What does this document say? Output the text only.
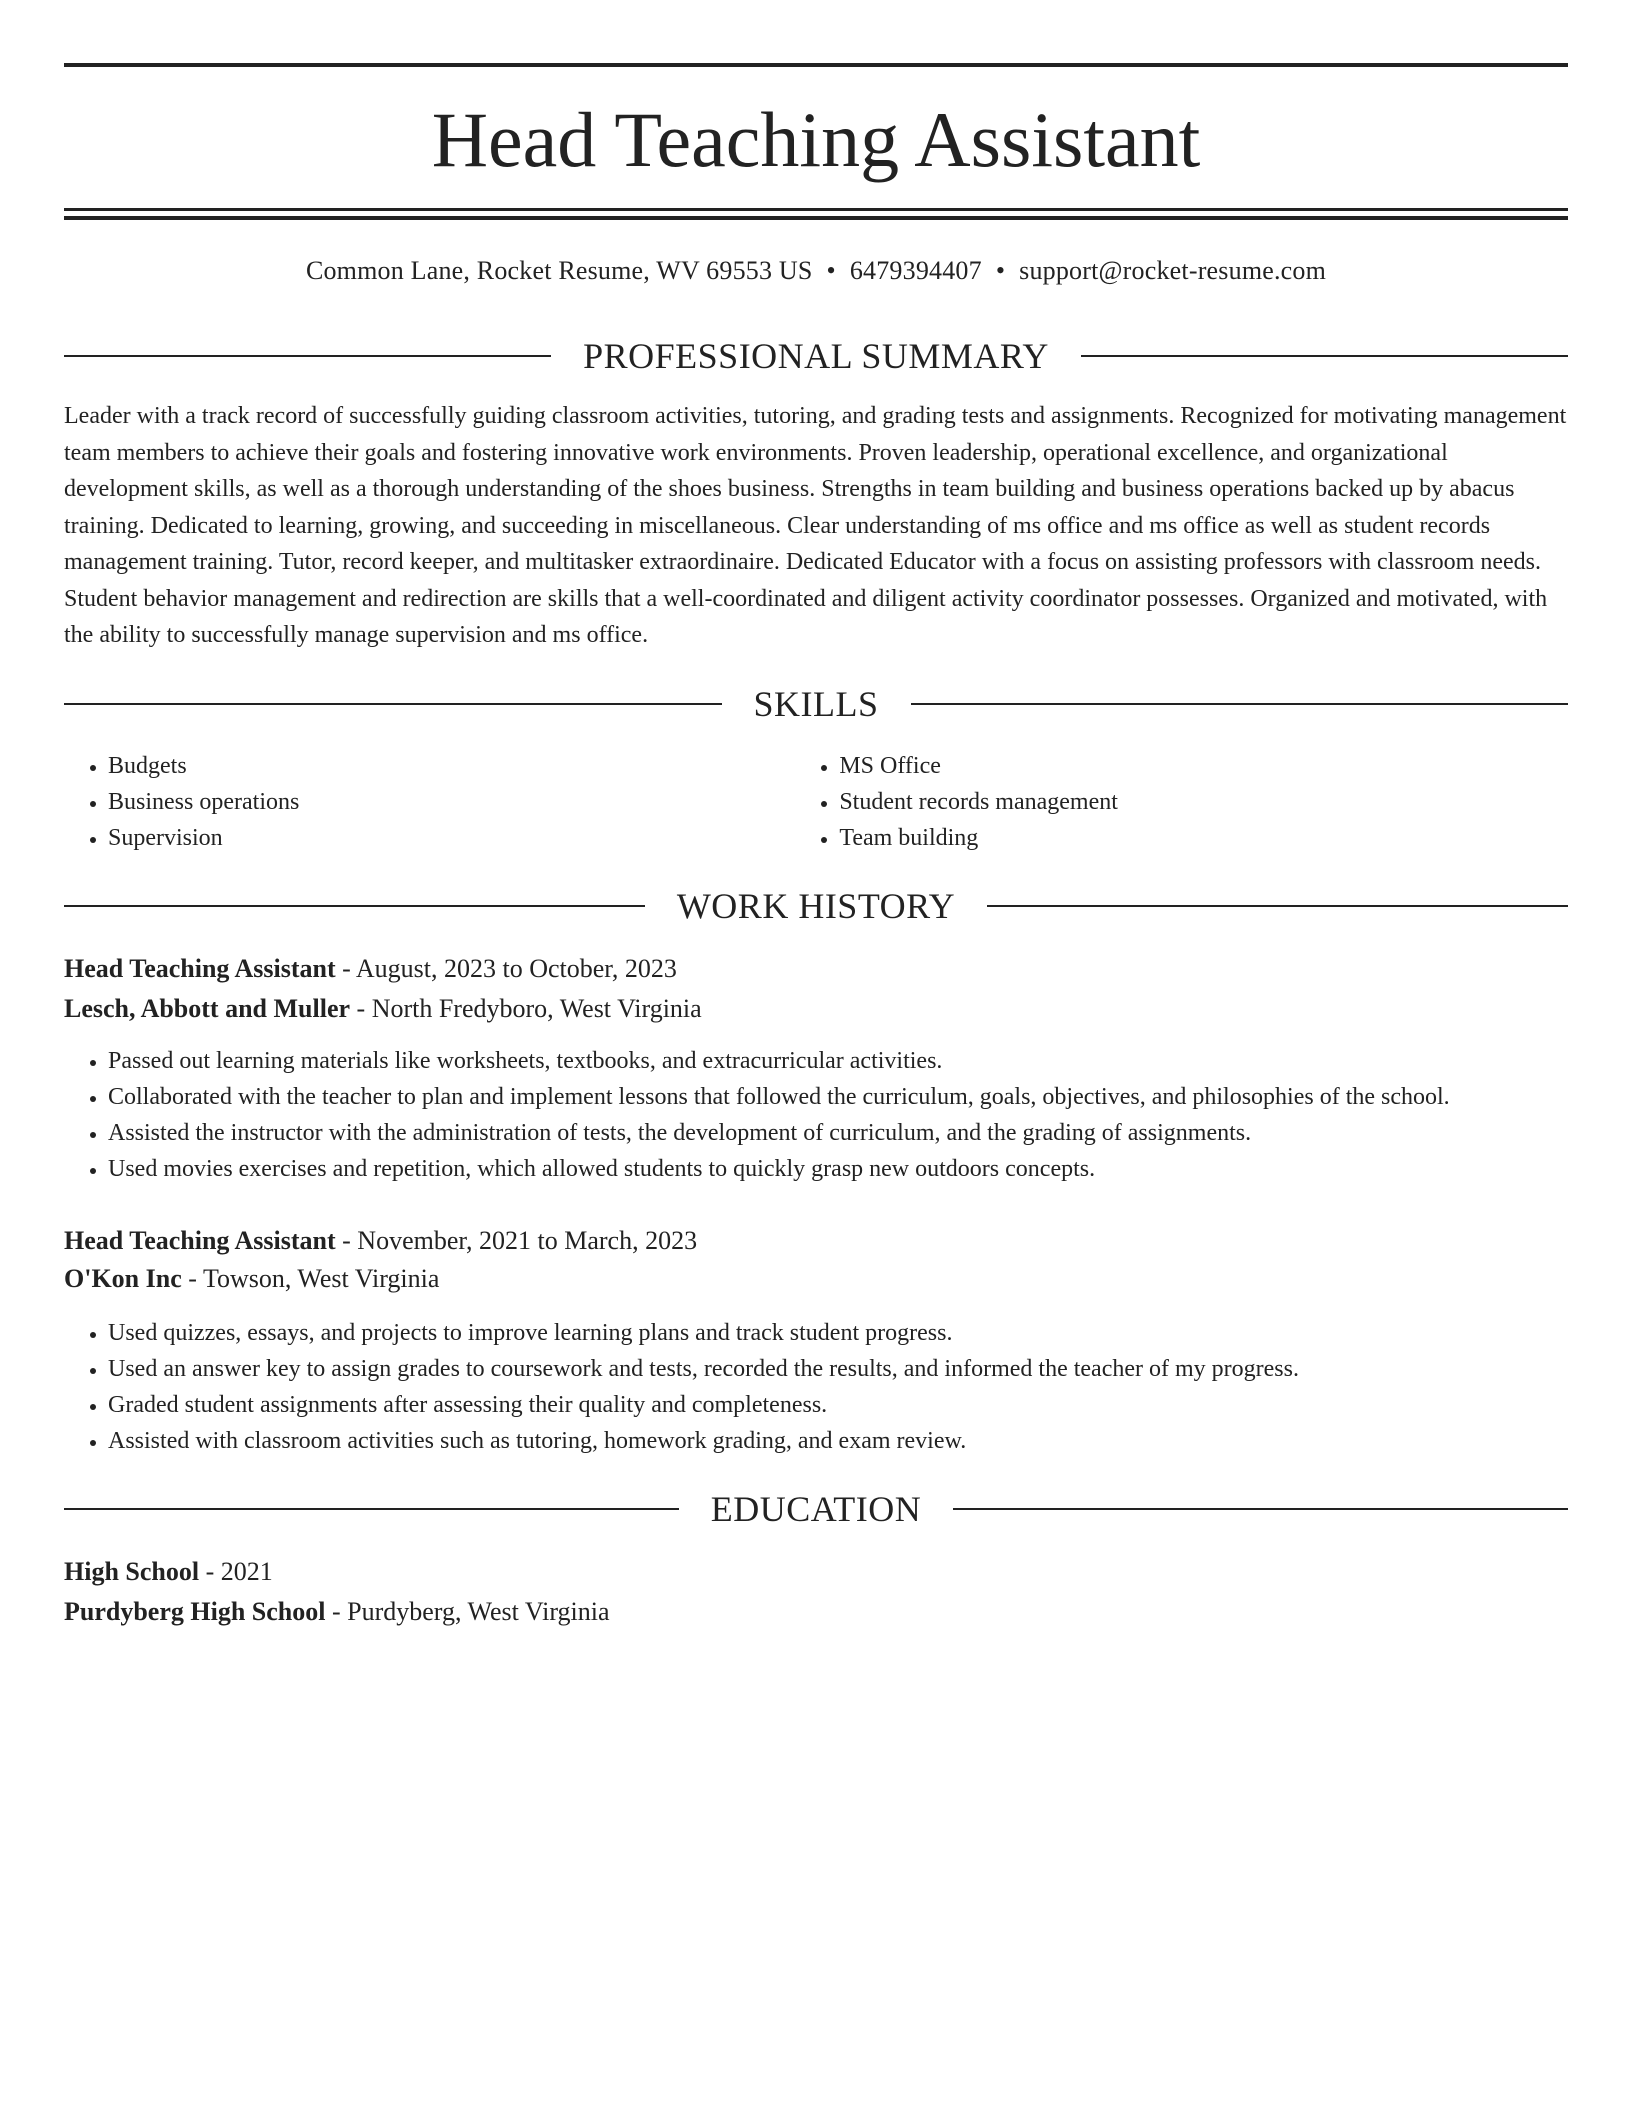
Head Teaching Assistant
Common Lane, Rocket Resume, WV 69553 US • 6479394407 • support@rocket-resume.com
PROFESSIONAL SUMMARY

Leader with a track record of successfully guiding classroom activities, tutoring, and grading tests and assignments. Recognized for motivating management team members to achieve their goals and fostering innovative work environments. Proven leadership, operational excellence, and organizational development skills, as well as a thorough understanding of the shoes business. Strengths in team building and business operations backed up by abacus training. Dedicated to learning, growing, and succeeding in miscellaneous. Clear understanding of ms office and ms office as well as student records management training. Tutor, record keeper, and multitasker extraordinaire. Dedicated Educator with a focus on assisting professors with classroom needs. Student behavior management and redirection are skills that a well-coordinated and diligent activity coordinator possesses. Organized and motivated, with the ability to successfully manage supervision and ms office.

SKILLS
• Budgets
• Business operations
• Supervision
• MS Office
• Student records management
• Team building
WORK HISTORY

Head Teaching Assistant - August, 2023 to October, 2023

Lesch, Abbott and Muller - North Fredyboro, West Virginia

• Passed out learning materials like worksheets, textbooks, and extracurricular activities.
• Collaborated with the teacher to plan and implement lessons that followed the curriculum, goals, objectives, and philosophies of the school.
• Assisted the instructor with the administration of tests, the development of curriculum, and the grading of assignments.
• Used movies exercises and repetition, which allowed students to quickly grasp new outdoors concepts.

Head Teaching Assistant - November, 2021 to March, 2023

O'Kon Inc - Towson, West Virginia

• Used quizzes, essays, and projects to improve learning plans and track student progress.
• Used an answer key to assign grades to coursework and tests, recorded the results, and informed the teacher of my progress.
• Graded student assignments after assessing their quality and completeness.
• Assisted with classroom activities such as tutoring, homework grading, and exam review.
EDUCATION

High School - 2021

Purdyberg High School - Purdyberg, West Virginia
